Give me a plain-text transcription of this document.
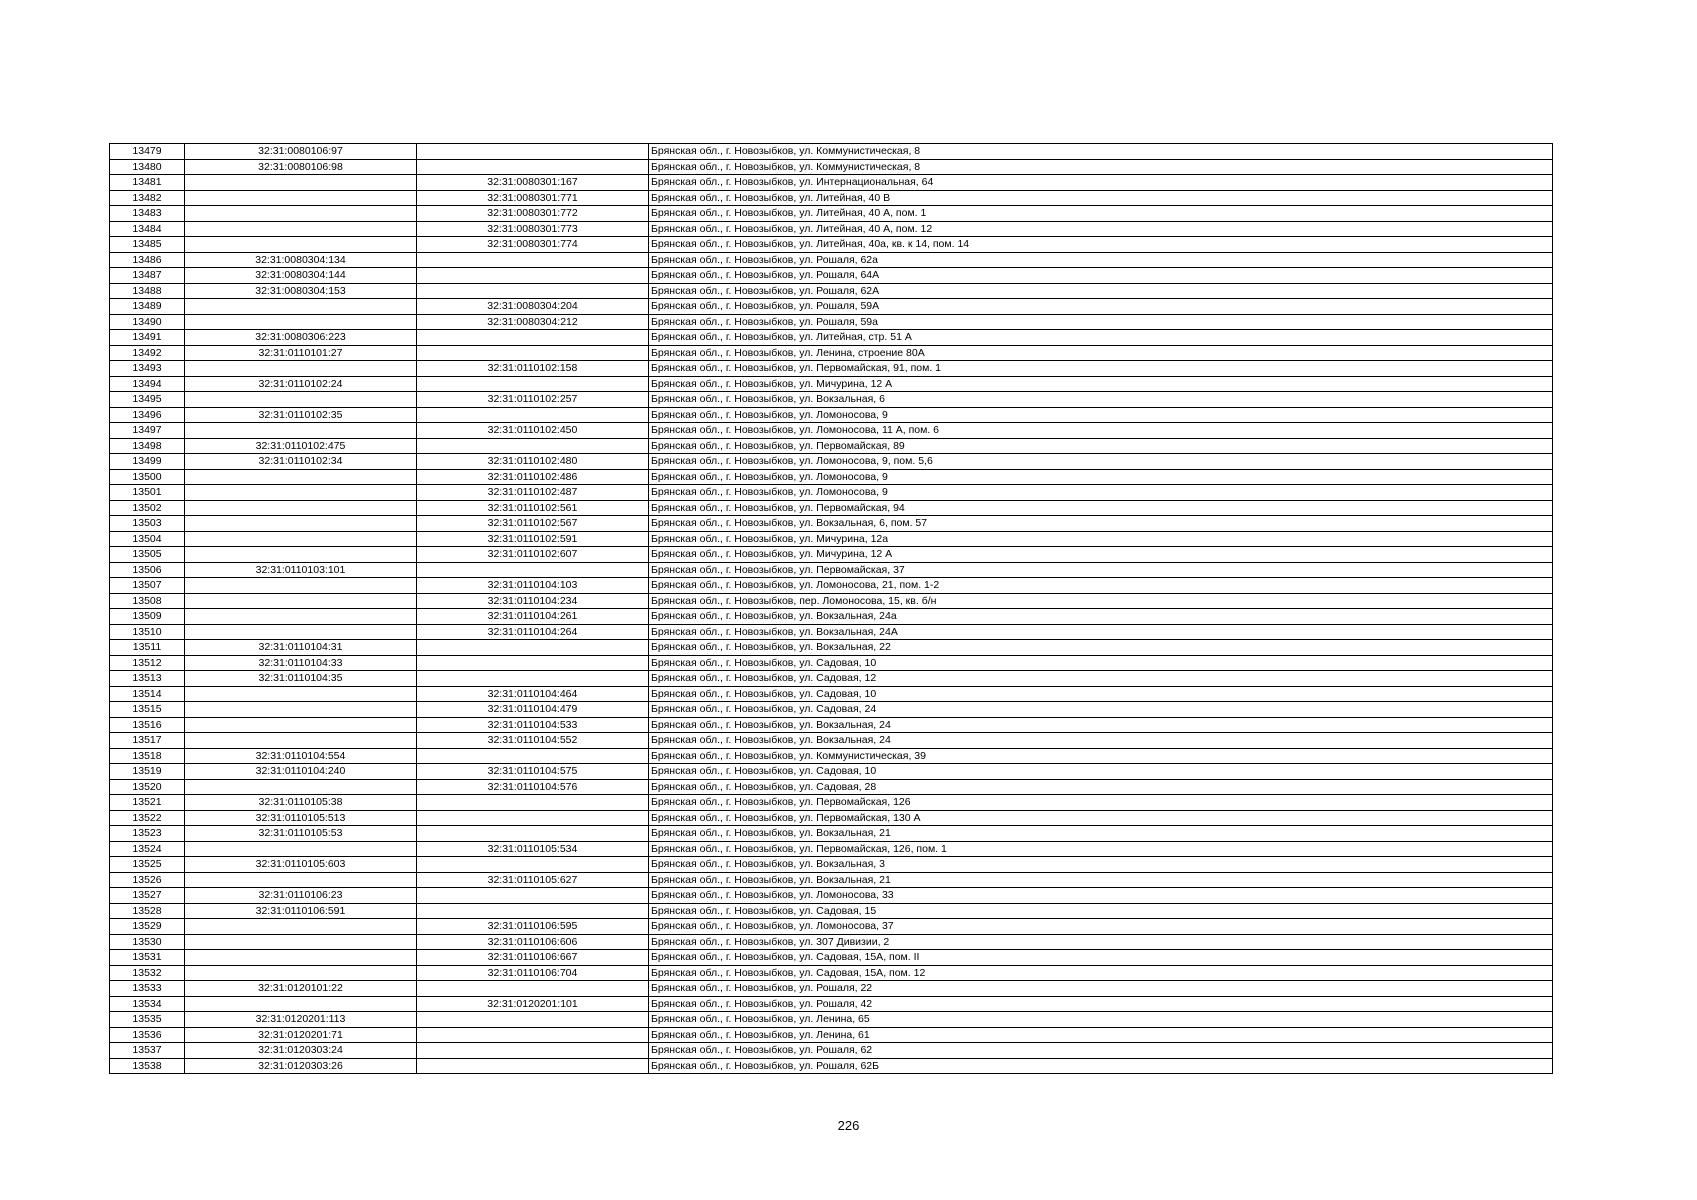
13479	32:31:0080106:97		Брянская обл., г. Новозыбков, ул. Коммунистическая, 8
13480	32:31:0080106:98		Брянская обл., г. Новозыбков, ул. Коммунистическая, 8
13481		32:31:0080301:167	Брянская обл., г. Новозыбков, ул. Интернациональная, 64
13482		32:31:0080301:771	Брянская обл., г. Новозыбков, ул. Литейная, 40 В
13483		32:31:0080301:772	Брянская обл., г. Новозыбков, ул. Литейная, 40 А, пом. 1
13484		32:31:0080301:773	Брянская обл., г. Новозыбков, ул. Литейная, 40 А, пом. 12
13485		32:31:0080301:774	Брянская обл., г. Новозыбков, ул. Литейная, 40а, кв. к 14, пом. 14
13486	32:31:0080304:134		Брянская обл., г. Новозыбков, ул. Рошаля, 62а
13487	32:31:0080304:144		Брянская обл., г. Новозыбков, ул. Рошаля, 64А
13488	32:31:0080304:153		Брянская обл., г. Новозыбков, ул. Рошаля, 62А
13489		32:31:0080304:204	Брянская обл., г. Новозыбков, ул. Рошаля, 59А
13490		32:31:0080304:212	Брянская обл., г. Новозыбков, ул. Рошаля, 59а
13491	32:31:0080306:223		Брянская обл., г. Новозыбков, ул. Литейная, стр. 51 А
13492	32:31:0110101:27		Брянская обл., г. Новозыбков, ул. Ленина, строение 80А
13493		32:31:0110102:158	Брянская обл., г. Новозыбков, ул. Первомайская, 91, пом. 1
13494	32:31:0110102:24		Брянская обл., г. Новозыбков, ул. Мичурина, 12 А
13495		32:31:0110102:257	Брянская обл., г. Новозыбков, ул. Вокзальная, 6
13496	32:31:0110102:35		Брянская обл., г. Новозыбков, ул. Ломоносова, 9
13497		32:31:0110102:450	Брянская обл., г. Новозыбков, ул. Ломоносова, 11 А, пом. 6
13498	32:31:0110102:475		Брянская обл., г. Новозыбков, ул. Первомайская, 89
13499	32:31:0110102:34	32:31:0110102:480	Брянская обл., г. Новозыбков, ул. Ломоносова, 9, пом. 5,6
13500		32:31:0110102:486	Брянская обл., г. Новозыбков, ул. Ломоносова, 9
13501		32:31:0110102:487	Брянская обл., г. Новозыбков, ул. Ломоносова, 9
13502		32:31:0110102:561	Брянская обл., г. Новозыбков, ул. Первомайская, 94
13503		32:31:0110102:567	Брянская обл., г. Новозыбков, ул. Вокзальная, 6, пом. 57
13504		32:31:0110102:591	Брянская обл., г. Новозыбков, ул. Мичурина, 12а
13505		32:31:0110102:607	Брянская обл., г. Новозыбков, ул. Мичурина, 12 А
13506	32:31:0110103:101		Брянская обл., г. Новозыбков, ул. Первомайская, 37
13507		32:31:0110104:103	Брянская обл., г. Новозыбков, ул. Ломоносова, 21, пом. 1-2
13508		32:31:0110104:234	Брянская обл., г. Новозыбков, пер. Ломоносова, 15, кв. б/н
13509		32:31:0110104:261	Брянская обл., г. Новозыбков, ул. Вокзальная, 24а
13510		32:31:0110104:264	Брянская обл., г. Новозыбков, ул. Вокзальная, 24А
13511	32:31:0110104:31		Брянская обл., г. Новозыбков, ул. Вокзальная, 22
13512	32:31:0110104:33		Брянская обл., г. Новозыбков, ул. Садовая, 10
13513	32:31:0110104:35		Брянская обл., г. Новозыбков, ул. Садовая, 12
13514		32:31:0110104:464	Брянская обл., г. Новозыбков, ул. Садовая, 10
13515		32:31:0110104:479	Брянская обл., г. Новозыбков, ул. Садовая, 24
13516		32:31:0110104:533	Брянская обл., г. Новозыбков, ул. Вокзальная, 24
13517		32:31:0110104:552	Брянская обл., г. Новозыбков, ул. Вокзальная, 24
13518	32:31:0110104:554		Брянская обл., г. Новозыбков, ул. Коммунистическая, 39
13519	32:31:0110104:240	32:31:0110104:575	Брянская обл., г. Новозыбков, ул. Садовая, 10
13520		32:31:0110104:576	Брянская обл., г. Новозыбков, ул. Садовая, 28
13521	32:31:0110105:38		Брянская обл., г. Новозыбков, ул. Первомайская, 126
13522	32:31:0110105:513		Брянская обл., г. Новозыбков, ул. Первомайская, 130 А
13523	32:31:0110105:53		Брянская обл., г. Новозыбков, ул. Вокзальная, 21
13524		32:31:0110105:534	Брянская обл., г. Новозыбков, ул. Первомайская, 126, пом. 1
13525	32:31:0110105:603		Брянская обл., г. Новозыбков, ул. Вокзальная, 3
13526		32:31:0110105:627	Брянская обл., г. Новозыбков, ул. Вокзальная, 21
13527	32:31:0110106:23		Брянская обл., г. Новозыбков, ул. Ломоносова, 33
13528	32:31:0110106:591		Брянская обл., г. Новозыбков, ул. Садовая, 15
13529		32:31:0110106:595	Брянская обл., г. Новозыбков, ул. Ломоносова, 37
13530		32:31:0110106:606	Брянская обл., г. Новозыбков, ул. 307 Дивизии, 2
13531		32:31:0110106:667	Брянская обл., г. Новозыбков, ул. Садовая, 15А, пом. II
13532		32:31:0110106:704	Брянская обл., г. Новозыбков, ул. Садовая, 15А, пом. 12
13533	32:31:0120101:22		Брянская обл., г. Новозыбков, ул. Рошаля, 22
13534		32:31:0120201:101	Брянская обл., г. Новозыбков, ул. Рошаля, 42
13535	32:31:0120201:113		Брянская обл., г. Новозыбков, ул. Ленина, 65
13536	32:31:0120201:71		Брянская обл., г. Новозыбков, ул. Ленина, 61
13537	32:31:0120303:24		Брянская обл., г. Новозыбков, ул. Рошаля, 62
13538	32:31:0120303:26		Брянская обл., г. Новозыбков, ул. Рошаля, 62Б
226
